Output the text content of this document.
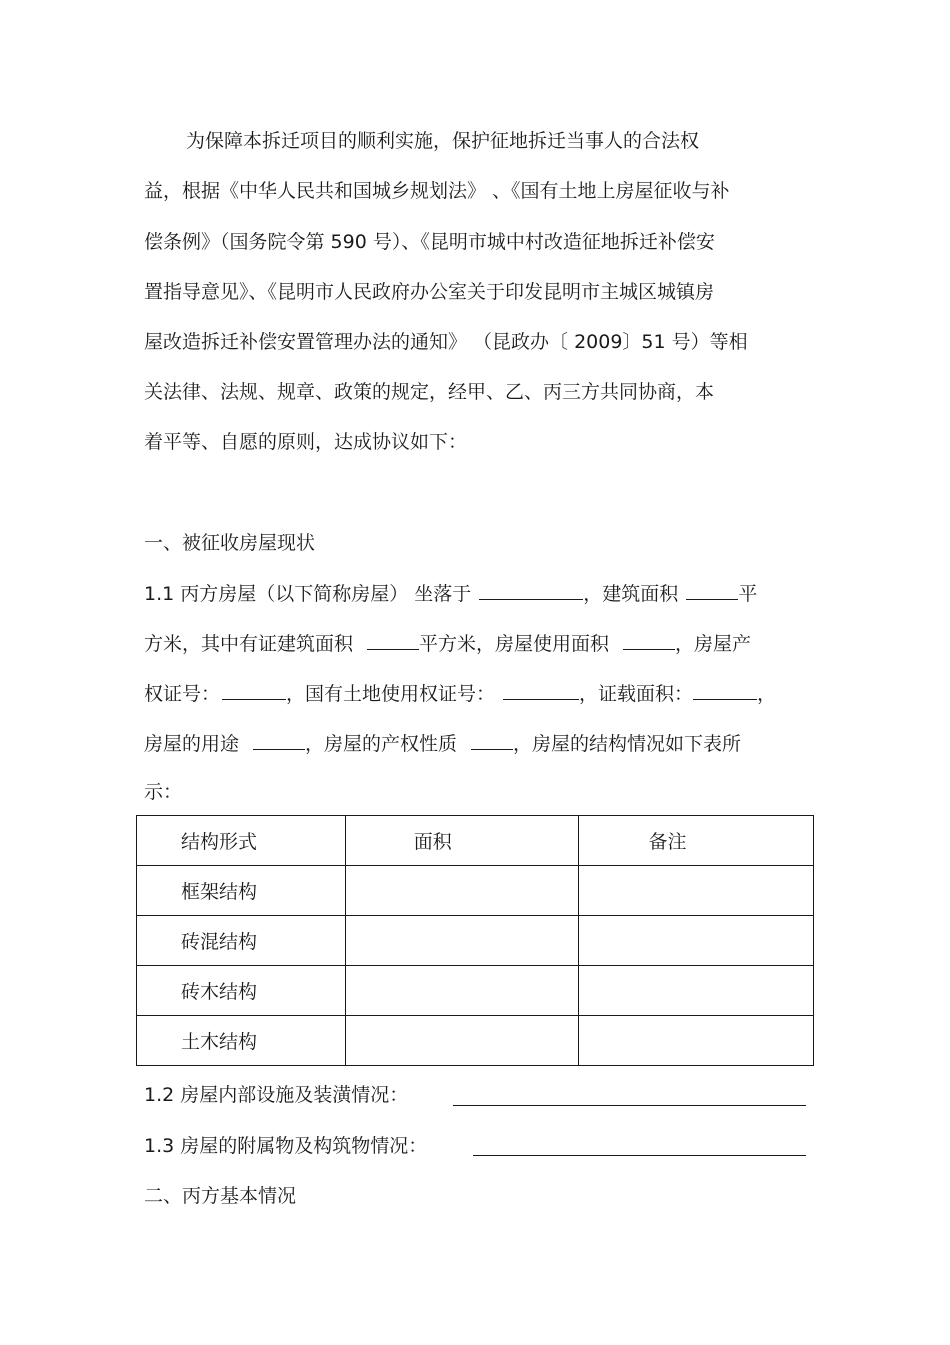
为保障本拆迁项目的顺利实施，保护征地拆迁当事人的合法权
益，根据《中华人民共和国城乡规划法》 、《国有土地上房屋征收与补
偿条例》（国务院令第 590 号）、《昆明市城中村改造征地拆迁补偿安
置指导意见》、《昆明市人民政府办公室关于印发昆明市主城区城镇房
屋改造拆迁补偿安置管理办法的通知》 （昆政办〔 2009〕51 号）等相
关法律、法规、规章、政策的规定，经甲、乙、丙三方共同协商，本
着平等、自愿的原则，达成协议如下：
一、被征收房屋现状
1.1 丙方房屋（以下简称房屋） 坐落于	，建筑面积	平
方米，其中有证建筑面积	平方米，房屋使用面积	，房屋产
权证号：	，国有土地使用权证号：	，证载面积：	，
房屋的用途	，房屋的产权性质	，房屋的结构情况如下表所
示：
结构形式	面积	备注
框架结构		
砖混结构		
砖木结构		
土木结构		
1.2 房屋内部设施及装潢情况：
1.3 房屋的附属物及构筑物情况：
二、丙方基本情况
